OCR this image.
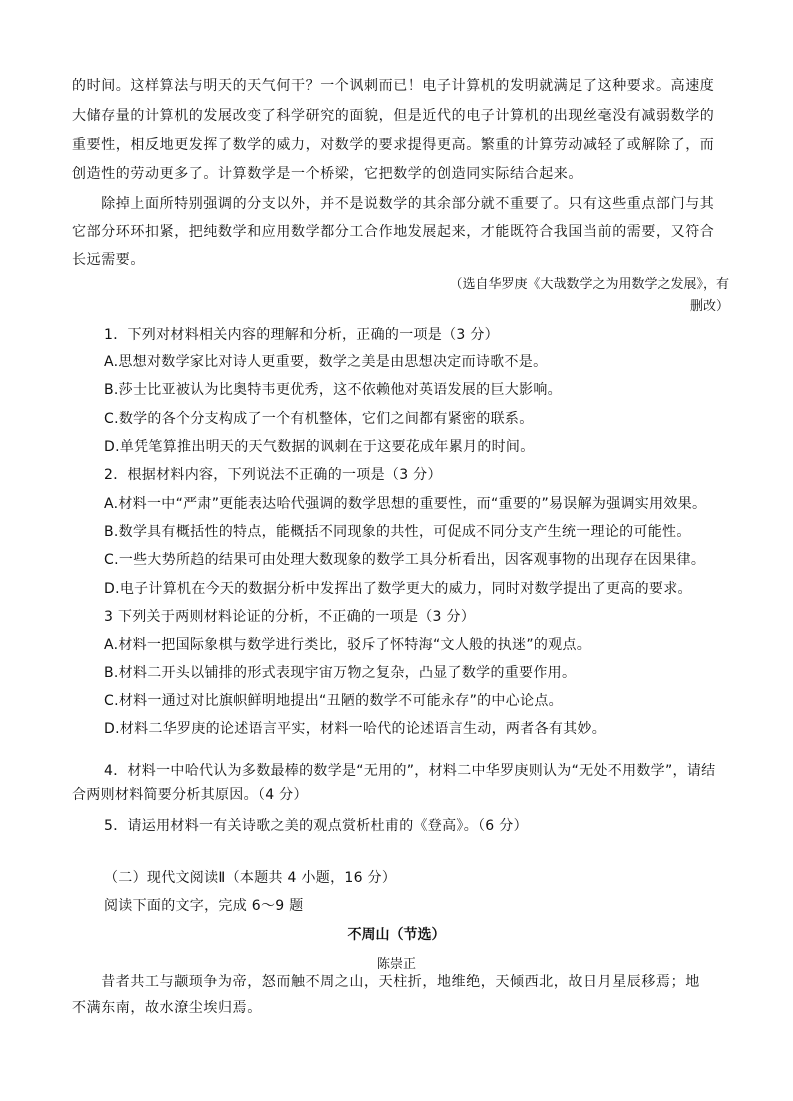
的时间。这样算法与明天的天气何干？一个讽刺而已！电子计算机的发明就满足了这种要求。高速度
大储存量的计算机的发展改变了科学研究的面貌，但是近代的电子计算机的出现丝毫没有减弱数学的
重要性，相反地更发挥了数学的威力，对数学的要求提得更高。繁重的计算劳动减轻了或解除了，而
创造性的劳动更多了。计算数学是一个桥梁，它把数学的创造同实际结合起来。
　　除掉上面所特别强调的分支以外，并不是说数学的其余部分就不重要了。只有这些重点部门与其
它部分环环扣紧，把纯数学和应用数学都分工合作地发展起来，才能既符合我国当前的需要，又符合
长远需要。
（选自华罗庚《大哉数学之为用数学之发展》，有
删改）
1．下列对材料相关内容的理解和分析，正确的一项是（3 分）
A.思想对数学家比对诗人更重要，数学之美是由思想决定而诗歌不是。
B.莎士比亚被认为比奥特韦更优秀，这不依赖他对英语发展的巨大影响。
C.数学的各个分支构成了一个有机整体，它们之间都有紧密的联系。
D.单凭笔算推出明天的天气数据的讽刺在于这要花成年累月的时间。
2．根据材料内容，下列说法不正确的一项是（3 分）
A.材料一中“严肃”更能表达哈代强调的数学思想的重要性，而“重要的”易误解为强调实用效果。
B.数学具有概括性的特点，能概括不同现象的共性，可促成不同分支产生统一理论的可能性。
C.一些大势所趋的结果可由处理大数现象的数学工具分析看出，因客观事物的出现存在因果律。
D.电子计算机在今天的数据分析中发挥出了数学更大的威力，同时对数学提出了更高的要求。
3 下列关于两则材料论证的分析，不正确的一项是（3 分）
A.材料一把国际象棋与数学进行类比，驳斥了怀特海“文人般的执迷”的观点。
B.材料二开头以铺排的形式表现宇宙万物之复杂，凸显了数学的重要作用。
C.材料一通过对比旗帜鲜明地提出“丑陋的数学不可能永存”的中心论点。
D.材料二华罗庚的论述语言平实，材料一哈代的论述语言生动，两者各有其妙。
4．材料一中哈代认为多数最棒的数学是“无用的”，材料二中华罗庚则认为“无处不用数学”，请结
合两则材料简要分析其原因。（4 分）
5．请运用材料一有关诗歌之美的观点赏析杜甫的《登高》。（6 分）
（二）现代文阅读Ⅱ（本题共 4 小题，16 分）
阅读下面的文字，完成 6～9 题
不周山（节选）
陈崇正
　　昔者共工与颛顼争为帝，怒而触不周之山，天柱折，地维绝，天倾西北，故日月星辰移焉；地
不满东南，故水潦尘埃归焉。
